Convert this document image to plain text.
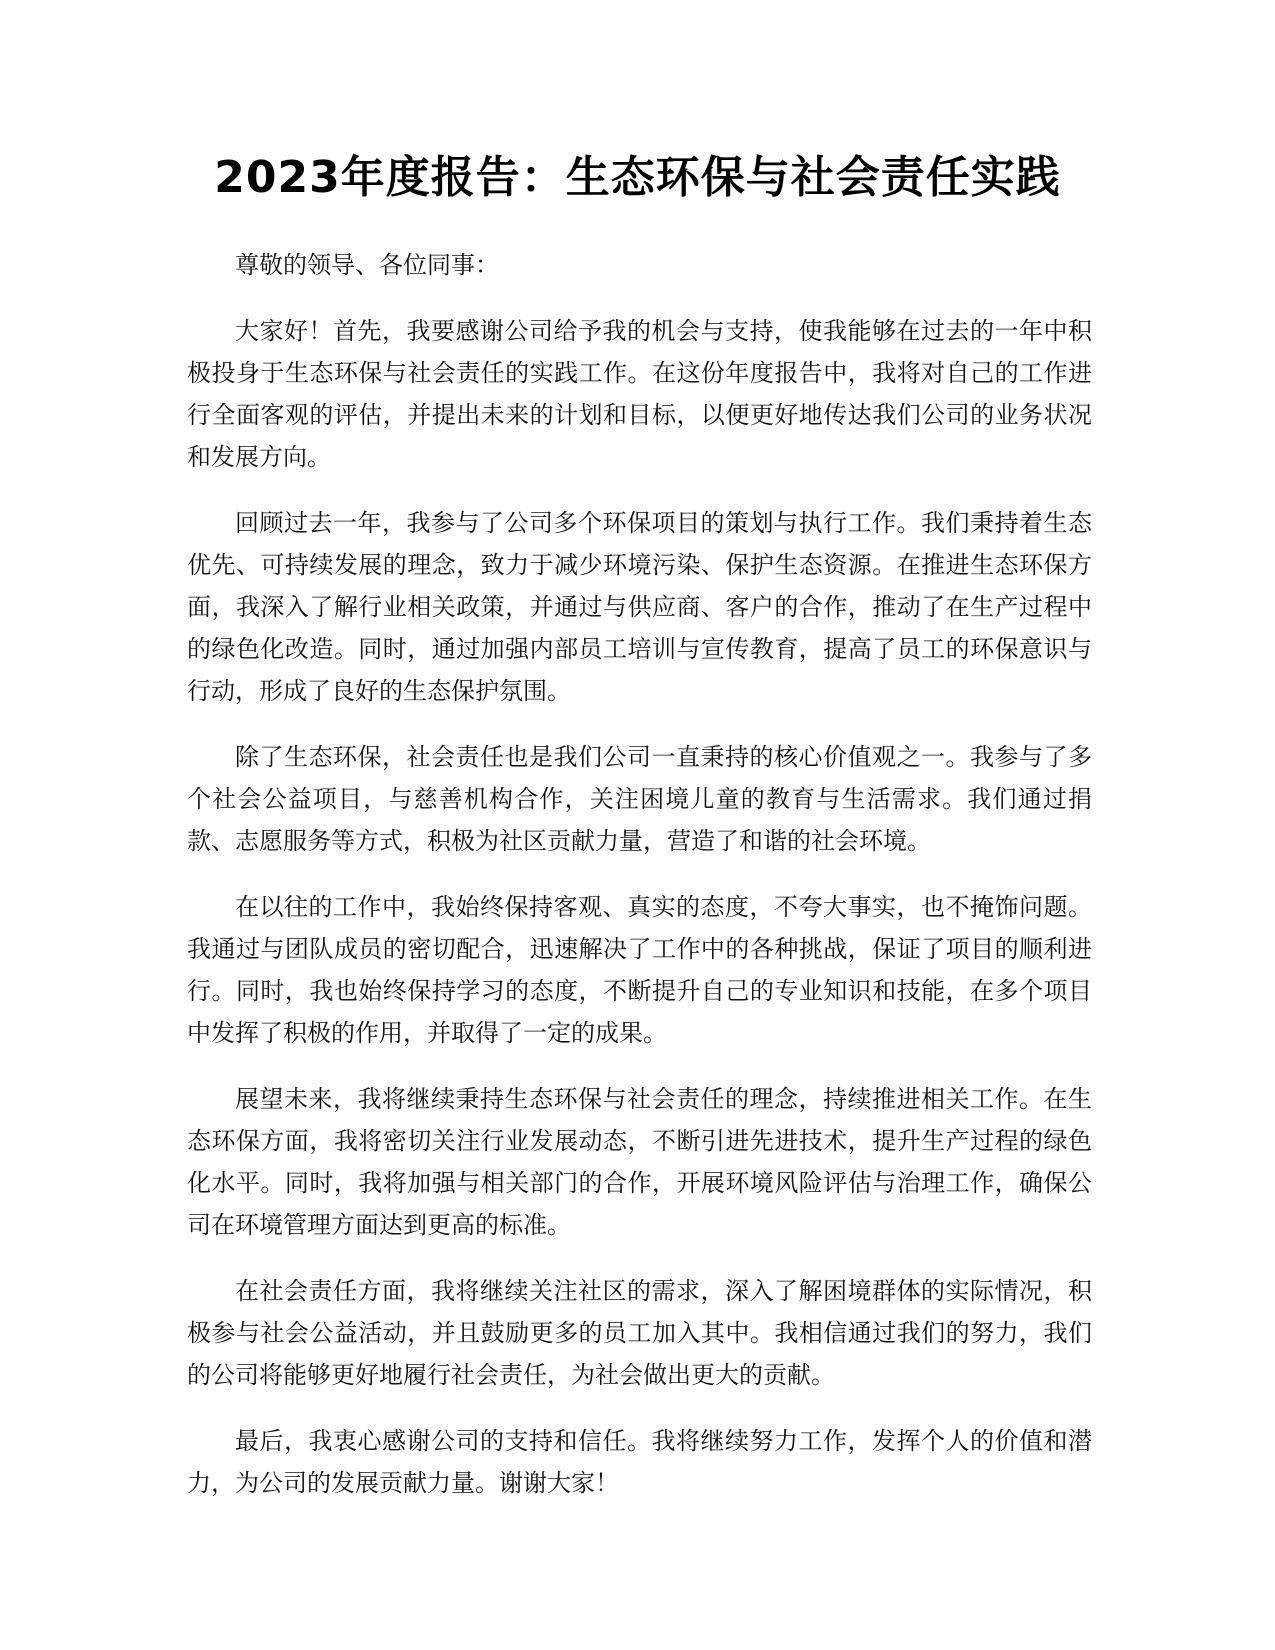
2023年度报告：生态环保与社会责任实践

尊敬的领导、各位同事：

大家好！首先，我要感谢公司给予我的机会与支持，使我能够在过去的一年中积极投身于生态环保与社会责任的实践工作。在这份年度报告中，我将对自己的工作进行全面客观的评估，并提出未来的计划和目标，以便更好地传达我们公司的业务状况和发展方向。

回顾过去一年，我参与了公司多个环保项目的策划与执行工作。我们秉持着生态优先、可持续发展的理念，致力于减少环境污染、保护生态资源。在推进生态环保方面，我深入了解行业相关政策，并通过与供应商、客户的合作，推动了在生产过程中的绿色化改造。同时，通过加强内部员工培训与宣传教育，提高了员工的环保意识与行动，形成了良好的生态保护氛围。

除了生态环保，社会责任也是我们公司一直秉持的核心价值观之一。我参与了多个社会公益项目，与慈善机构合作，关注困境儿童的教育与生活需求。我们通过捐款、志愿服务等方式，积极为社区贡献力量，营造了和谐的社会环境。

在以往的工作中，我始终保持客观、真实的态度，不夸大事实，也不掩饰问题。我通过与团队成员的密切配合，迅速解决了工作中的各种挑战，保证了项目的顺利进行。同时，我也始终保持学习的态度，不断提升自己的专业知识和技能，在多个项目中发挥了积极的作用，并取得了一定的成果。

展望未来，我将继续秉持生态环保与社会责任的理念，持续推进相关工作。在生态环保方面，我将密切关注行业发展动态，不断引进先进技术，提升生产过程的绿色化水平。同时，我将加强与相关部门的合作，开展环境风险评估与治理工作，确保公司在环境管理方面达到更高的标准。

在社会责任方面，我将继续关注社区的需求，深入了解困境群体的实际情况，积极参与社会公益活动，并且鼓励更多的员工加入其中。我相信通过我们的努力，我们的公司将能够更好地履行社会责任，为社会做出更大的贡献。

最后，我衷心感谢公司的支持和信任。我将继续努力工作，发挥个人的价值和潜力，为公司的发展贡献力量。谢谢大家！
